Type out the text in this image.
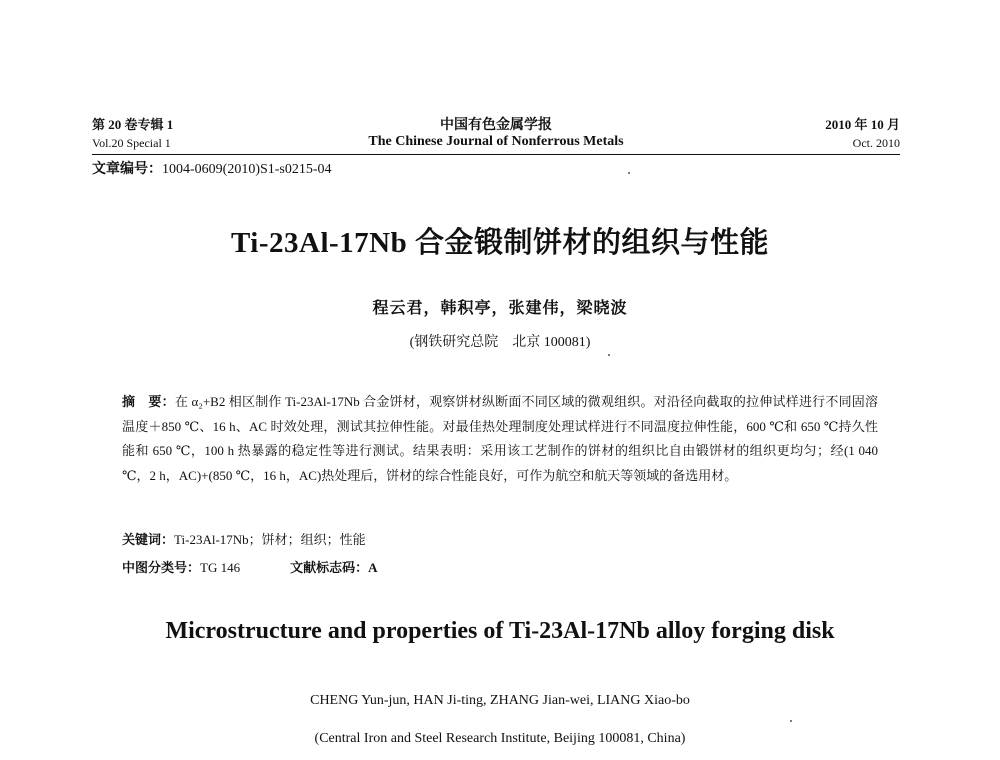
第 20 卷专辑 1	中国有色金属学报	2010 年 10 月
Vol.20 Special 1	The Chinese Journal of Nonferrous Metals	Oct. 2010
文章编号：1004-0609(2010)S1-s0215-04
Ti-23Al-17Nb 合金锻制饼材的组织与性能
程云君，韩积亭，张建伟，梁晓波
(钢铁研究总院　北京 100081)
摘　要：在 α₂+B2 相区制作 Ti-23Al-17Nb 合金饼材，观察饼材纵断面不同区域的微观组织。对沿径向截取的拉伸试样进行不同固溶温度＋850 ℃、16 h、AC 时效处理，测试其拉伸性能。对最佳热处理制度处理试样进行不同温度拉伸性能，600 ℃和 650 ℃持久性能和 650 ℃，100 h 热暴露的稳定性等进行测试。结果表明：采用该工艺制作的饼材的组织比自由锻饼材的组织更均匀；经(1 040 ℃，2 h，AC)+(850 ℃，16 h，AC)热处理后，饼材的综合性能良好，可作为航空和航天等领域的备选用材。
关键词：Ti-23Al-17Nb；饼材；组织；性能
中图分类号：TG 146	文献标志码：A
Microstructure and properties of Ti-23Al-17Nb alloy forging disk
CHENG Yun-jun, HAN Ji-ting, ZHANG Jian-wei, LIANG Xiao-bo
(Central Iron and Steel Research Institute, Beijing 100081, China)
